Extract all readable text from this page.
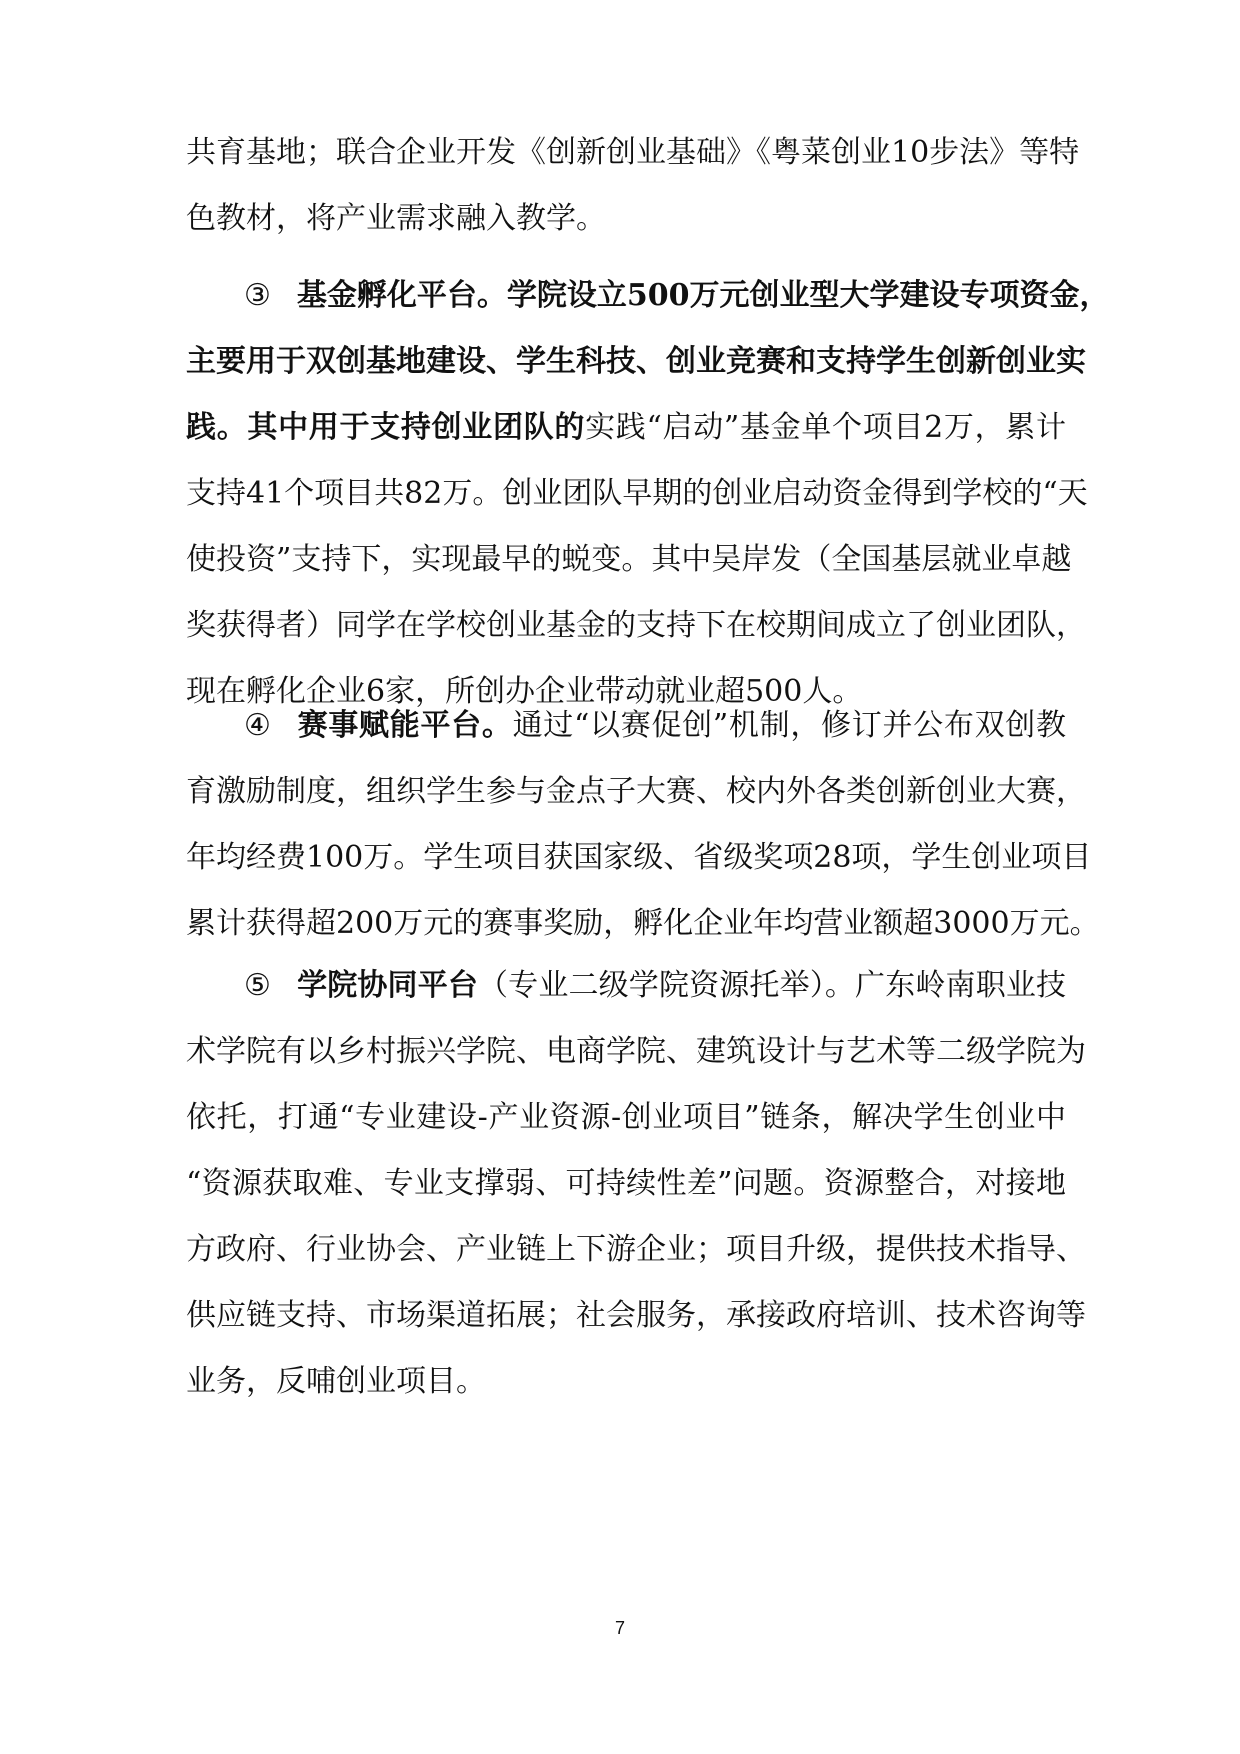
共育基地；联合企业开发《创新创业基础》《粤菜创业10步法》等特
色教材，将产业需求融入教学。
③ 基金孵化平台。学院设立500万元创业型大学建设专项资金，
主要用于双创基地建设、学生科技、创业竞赛和支持学生创新创业实
践。其中用于支持创业团队的实践“启动”基金单个项目2万，累计
支持41个项目共82万。创业团队早期的创业启动资金得到学校的“天
使投资”支持下，实现最早的蜕变。其中吴岸发（全国基层就业卓越
奖获得者）同学在学校创业基金的支持下在校期间成立了创业团队，
现在孵化企业6家，所创办企业带动就业超500人。
④ 赛事赋能平台。通过“以赛促创”机制，修订并公布双创教
育激励制度，组织学生参与金点子大赛、校内外各类创新创业大赛，
年均经费100万。学生项目获国家级、省级奖项28项，学生创业项目
累计获得超200万元的赛事奖励，孵化企业年均营业额超3000万元。
⑤ 学院协同平台（专业二级学院资源托举）。广东岭南职业技
术学院有以乡村振兴学院、电商学院、建筑设计与艺术等二级学院为
依托，打通“专业建设-产业资源-创业项目”链条，解决学生创业中
“资源获取难、专业支撑弱、可持续性差”问题。资源整合，对接地
方政府、行业协会、产业链上下游企业；项目升级，提供技术指导、
供应链支持、市场渠道拓展；社会服务，承接政府培训、技术咨询等
业务，反哺创业项目。
7
